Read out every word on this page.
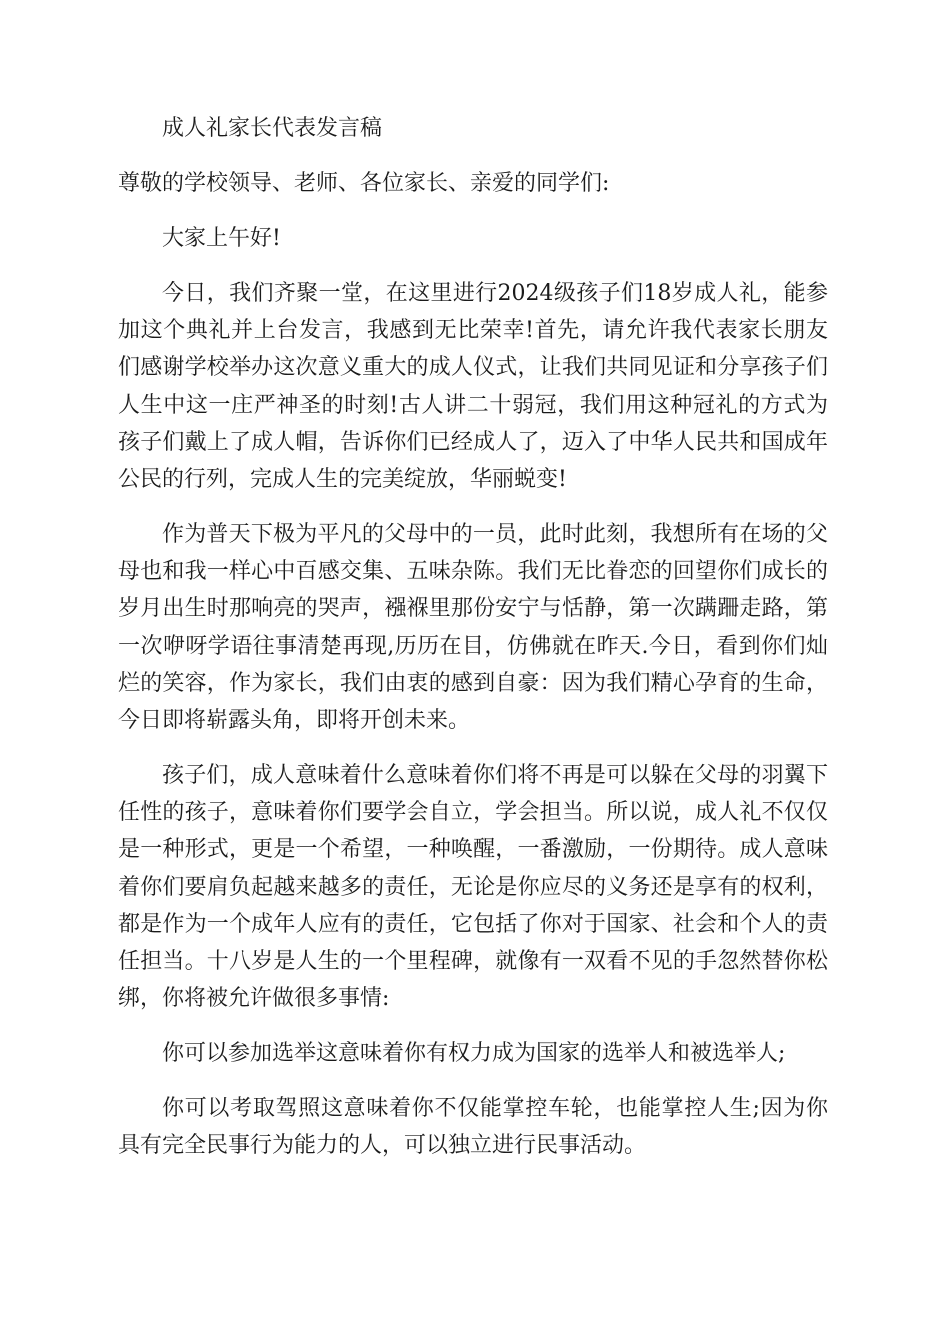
成人礼家长代表发言稿
尊敬的学校领导、老师、各位家长、亲爱的同学们:
大家上午好!
今日，我们齐聚一堂，在这里进行2024级孩子们18岁成人礼，能参
加这个典礼并上台发言，我感到无比荣幸!首先，请允许我代表家长朋友
们感谢学校举办这次意义重大的成人仪式，让我们共同见证和分享孩子们
人生中这一庄严神圣的时刻!古人讲二十弱冠，我们用这种冠礼的方式为
孩子们戴上了成人帽，告诉你们已经成人了，迈入了中华人民共和国成年
公民的行列，完成人生的完美绽放，华丽蜕变!
作为普天下极为平凡的父母中的一员，此时此刻，我想所有在场的父
母也和我一样心中百感交集、五味杂陈。我们无比眷恋的回望你们成长的
岁月出生时那响亮的哭声，襁褓里那份安宁与恬静，第一次蹒跚走路，第
一次咿呀学语往事清楚再现,历历在目，仿佛就在昨天.今日，看到你们灿
烂的笑容，作为家长，我们由衷的感到自豪：因为我们精心孕育的生命，
今日即将崭露头角，即将开创未来。
孩子们，成人意味着什么意味着你们将不再是可以躲在父母的羽翼下
任性的孩子，意味着你们要学会自立，学会担当。所以说，成人礼不仅仅
是一种形式，更是一个希望，一种唤醒，一番激励，一份期待。成人意味
着你们要肩负起越来越多的责任，无论是你应尽的义务还是享有的权利，
都是作为一个成年人应有的责任，它包括了你对于国家、社会和个人的责
任担当。十八岁是人生的一个里程碑，就像有一双看不见的手忽然替你松
绑，你将被允许做很多事情:
你可以参加选举这意味着你有权力成为国家的选举人和被选举人;
你可以考取驾照这意味着你不仅能掌控车轮，也能掌控人生;因为你
具有完全民事行为能力的人，可以独立进行民事活动。
